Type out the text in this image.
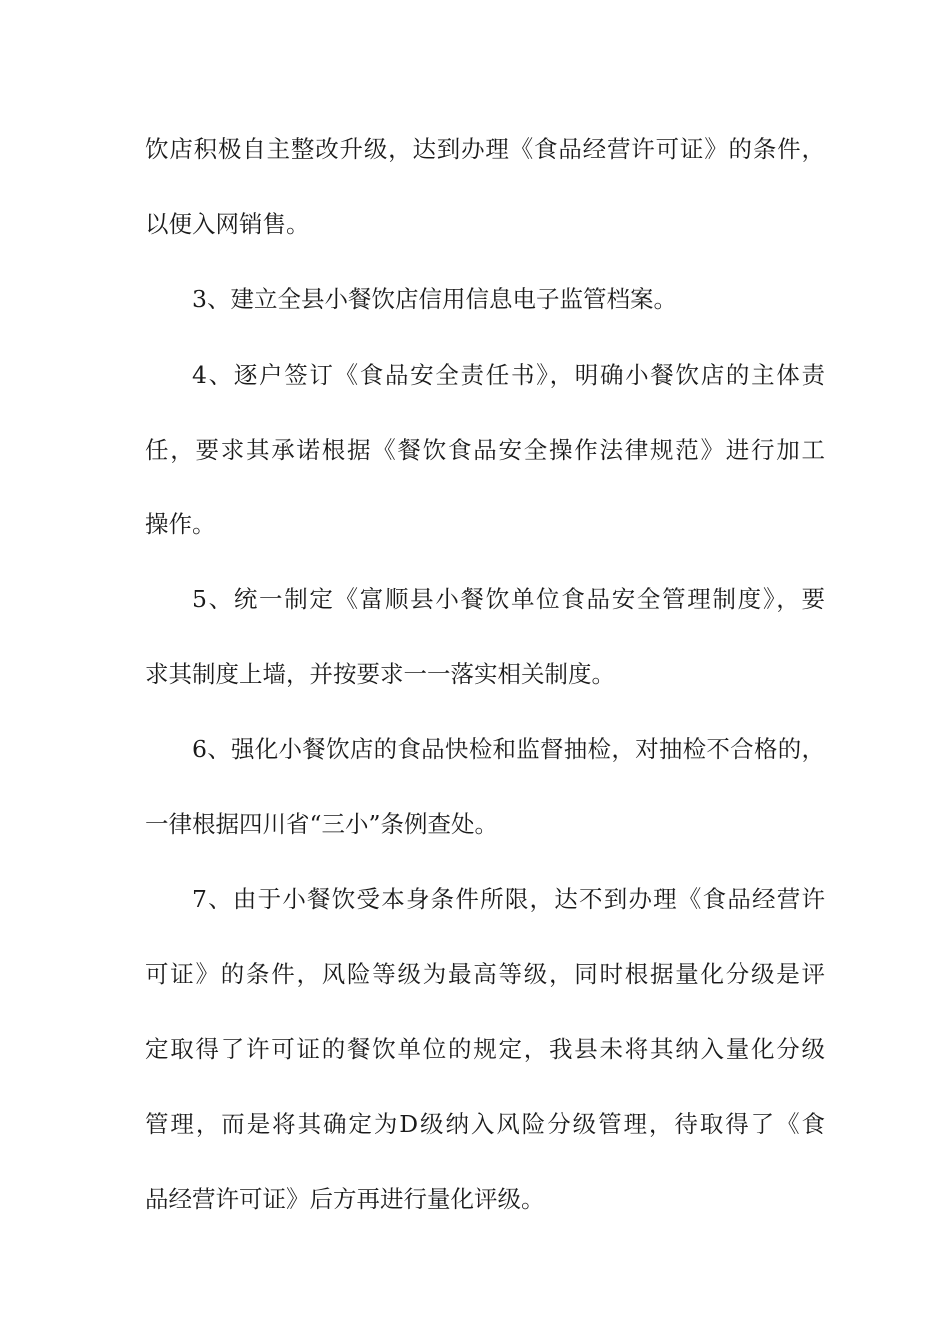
饮店积极自主整改升级，达到办理《食品经营许可证》的条件，
以便入网销售。
3、建立全县小餐饮店信用信息电子监管档案。
4、逐户签订《食品安全责任书》，明确小餐饮店的主体责
任，要求其承诺根据《餐饮食品安全操作法律规范》进行加工
操作。
5、统一制定《富顺县小餐饮单位食品安全管理制度》，要
求其制度上墙，并按要求一一落实相关制度。
6、强化小餐饮店的食品快检和监督抽检，对抽检不合格的，
一律根据四川省“三小”条例查处。
7、由于小餐饮受本身条件所限，达不到办理《食品经营许
可证》的条件，风险等级为最高等级，同时根据量化分级是评
定取得了许可证的餐饮单位的规定，我县未将其纳入量化分级
管理，而是将其确定为D级纳入风险分级管理，待取得了《食
品经营许可证》后方再进行量化评级。
